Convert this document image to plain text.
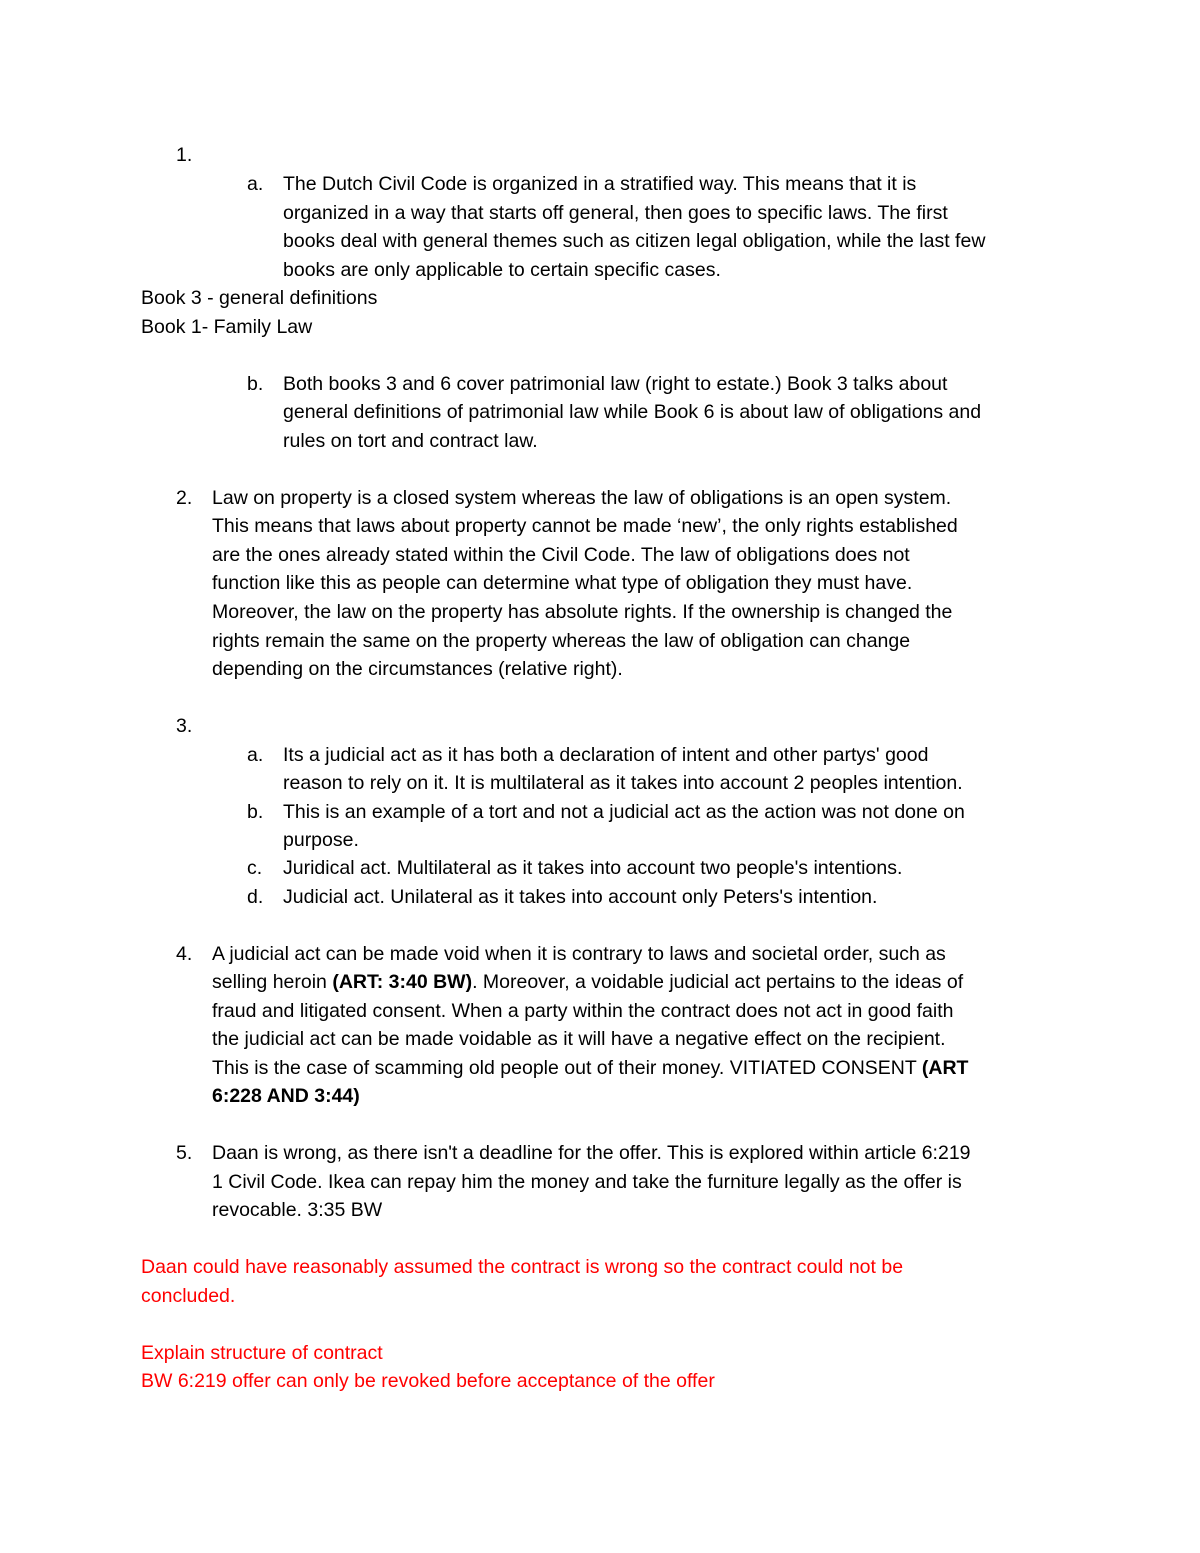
1.
a. The Dutch Civil Code is organized in a stratified way. This means that it is
organized in a way that starts off general, then goes to specific laws. The first
books deal with general themes such as citizen legal obligation, while the last few
books are only applicable to certain specific cases.
Book 3 - general definitions
Book 1- Family Law
b. Both books 3 and 6 cover patrimonial law (right to estate.) Book 3 talks about
general definitions of patrimonial law while Book 6 is about law of obligations and
rules on tort and contract law.
2. Law on property is a closed system whereas the law of obligations is an open system.
This means that laws about property cannot be made ‘new’, the only rights established
are the ones already stated within the Civil Code. The law of obligations does not
function like this as people can determine what type of obligation they must have.
Moreover, the law on the property has absolute rights. If the ownership is changed the
rights remain the same on the property whereas the law of obligation can change
depending on the circumstances (relative right).
3.
a. Its a judicial act as it has both a declaration of intent and other partys' good
reason to rely on it. It is multilateral as it takes into account 2 peoples intention.
b. This is an example of a tort and not a judicial act as the action was not done on
purpose.
c. Juridical act. Multilateral as it takes into account two people's intentions.
d. Judicial act. Unilateral as it takes into account only Peters's intention.
4. A judicial act can be made void when it is contrary to laws and societal order, such as
selling heroin (ART: 3:40 BW). Moreover, a voidable judicial act pertains to the ideas of
fraud and litigated consent. When a party within the contract does not act in good faith
the judicial act can be made voidable as it will have a negative effect on the recipient.
This is the case of scamming old people out of their money. VITIATED CONSENT (ART
6:228 AND 3:44)
5. Daan is wrong, as there isn't a deadline for the offer. This is explored within article 6:219
1 Civil Code. Ikea can repay him the money and take the furniture legally as the offer is
revocable. 3:35 BW
Daan could have reasonably assumed the contract is wrong so the contract could not be
concluded.
Explain structure of contract
BW 6:219 offer can only be revoked before acceptance of the offer
